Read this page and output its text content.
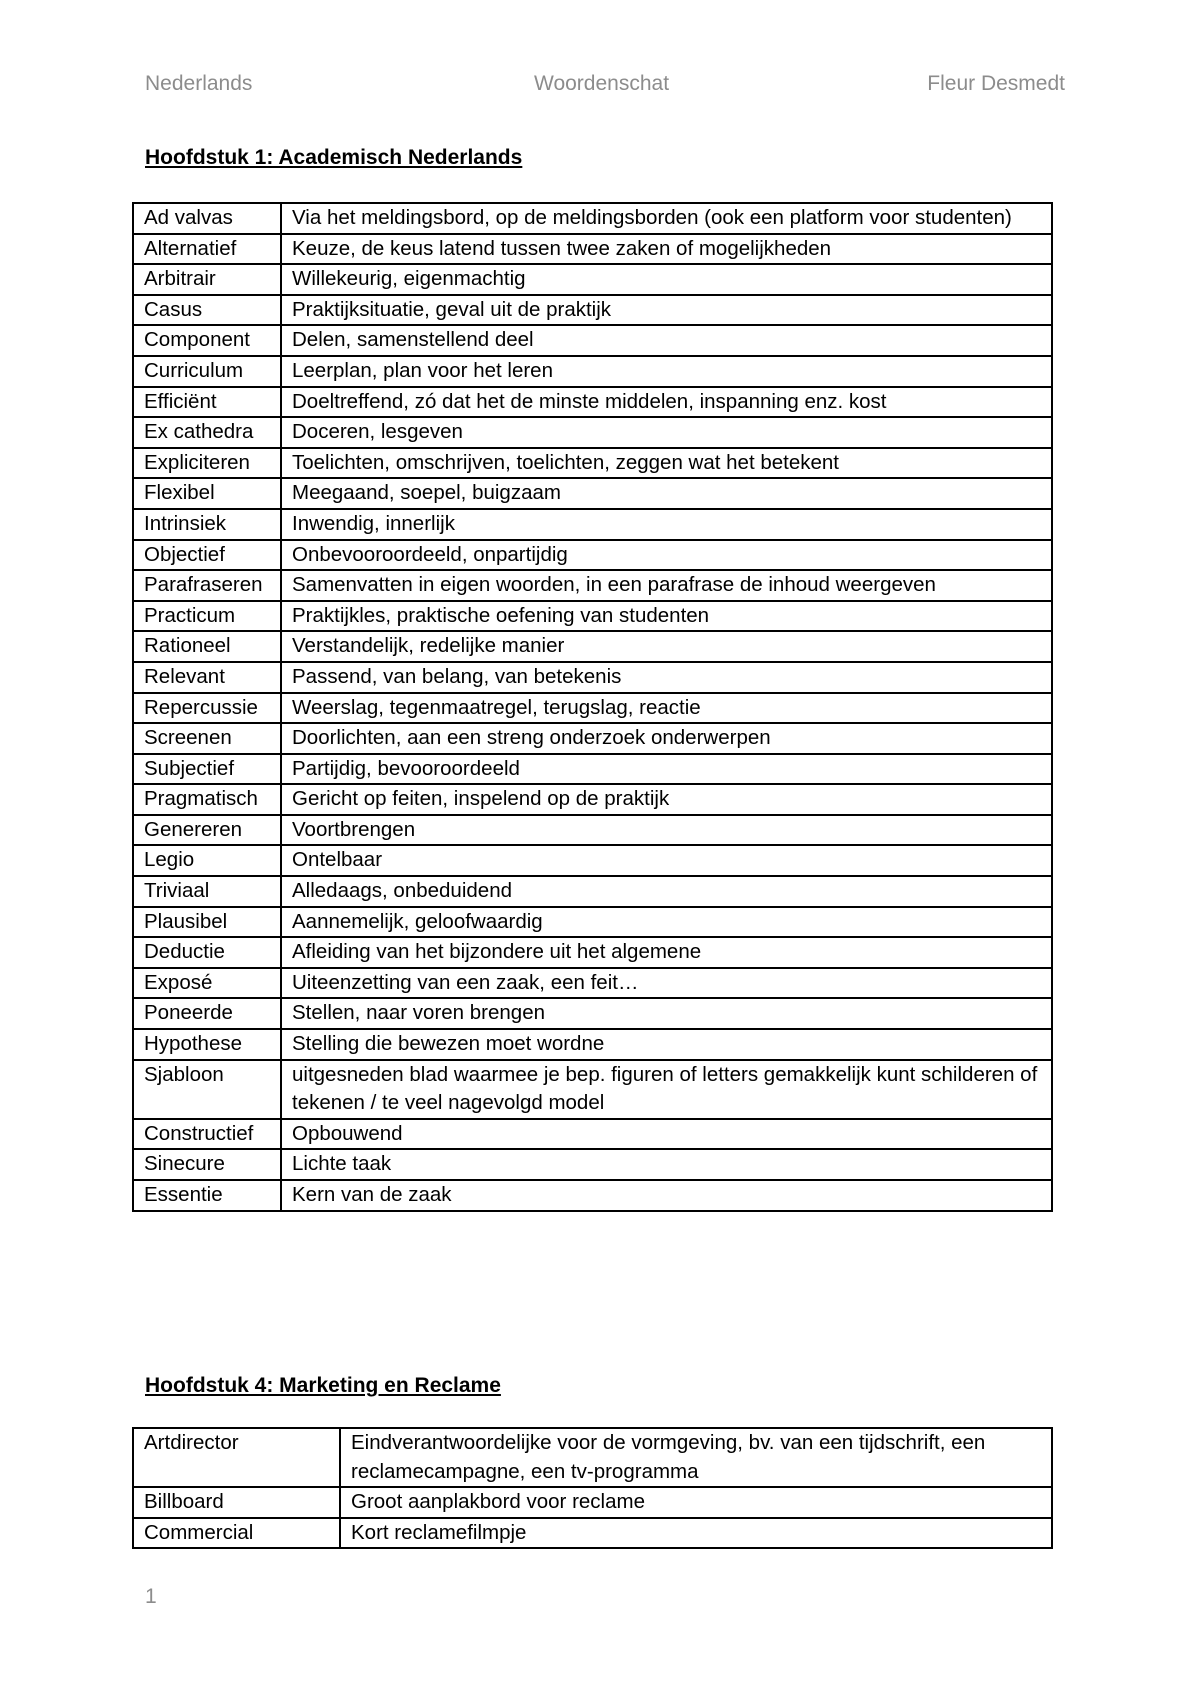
Nederlands	Woordenschat	Fleur Desmedt
Hoofdstuk 1: Academisch Nederlands
Ad valvas	Via het meldingsbord, op de meldingsborden (ook een platform voor studenten)
Alternatief	Keuze, de keus latend tussen twee zaken of mogelijkheden
Arbitrair	Willekeurig, eigenmachtig
Casus	Praktijksituatie, geval uit de praktijk
Component	Delen, samenstellend deel
Curriculum	Leerplan, plan voor het leren
Efficiënt	Doeltreffend, zó dat het de minste middelen, inspanning enz. kost
Ex cathedra	Doceren, lesgeven
Expliciteren	Toelichten, omschrijven, toelichten, zeggen wat het betekent
Flexibel	Meegaand, soepel, buigzaam
Intrinsiek	Inwendig, innerlijk
Objectief	Onbevooroordeeld, onpartijdig
Parafraseren	Samenvatten in eigen woorden, in een parafrase de inhoud weergeven
Practicum	Praktijkles, praktische oefening van studenten
Rationeel	Verstandelijk, redelijke manier
Relevant	Passend, van belang, van betekenis
Repercussie	Weerslag, tegenmaatregel, terugslag, reactie
Screenen	Doorlichten, aan een streng onderzoek onderwerpen
Subjectief	Partijdig, bevooroordeeld
Pragmatisch	Gericht op feiten, inspelend op de praktijk
Genereren	Voortbrengen
Legio	Ontelbaar
Triviaal	Alledaags, onbeduidend
Plausibel	Aannemelijk, geloofwaardig
Deductie	Afleiding van het bijzondere uit het algemene
Exposé	Uiteenzetting van een zaak, een feit…
Poneerde	Stellen, naar voren brengen
Hypothese	Stelling die bewezen moet wordne
Sjabloon	uitgesneden blad waarmee je bep. figuren of letters gemakkelijk kunt schilderen of tekenen / te veel nagevolgd model
Constructief	Opbouwend
Sinecure	Lichte taak
Essentie	Kern van de zaak
Hoofdstuk 4: Marketing en Reclame
Artdirector	Eindverantwoordelijke voor de vormgeving, bv. van een tijdschrift, een reclamecampagne, een tv-programma
Billboard	Groot aanplakbord voor reclame
Commercial	Kort reclamefilmpje
1
